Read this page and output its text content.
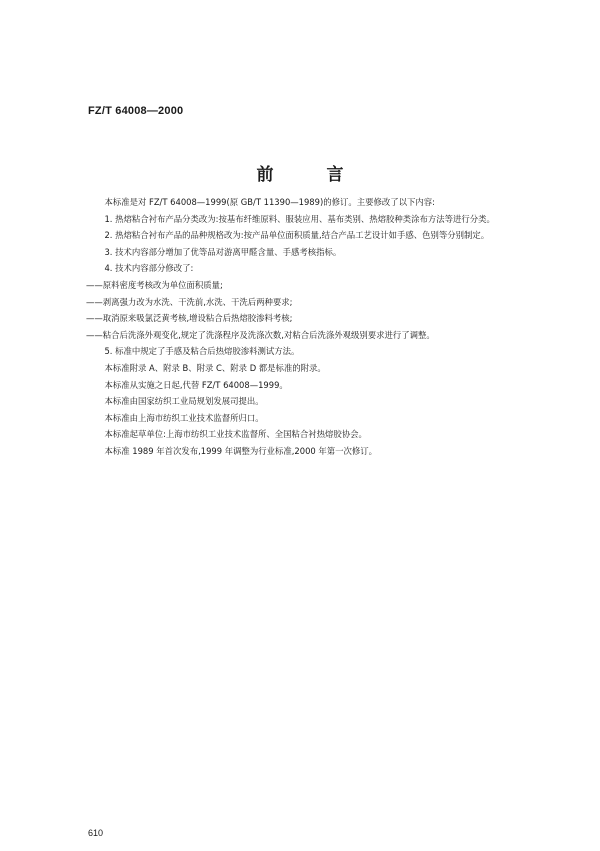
FZ/T 64008—2000
前　言

本标准是对 FZ/T 64008—1999(原 GB/T 11390—1989)的修订。主要修改了以下内容:

1. 热熔粘合衬布产品分类改为:按基布纤维原料、服装应用、基布类别、热熔胶种类涂布方法等进行分类。

2. 热熔粘合衬布产品的品种规格改为:按产品单位面积质量,结合产品工艺设计如手感、色别等分别制定。

3. 技术内容部分增加了优等品对游离甲醛含量、手感考核指标。

4. 技术内容部分修改了:

——原料密度考核改为单位面积质量;

——剥离强力改为水洗、干洗前,水洗、干洗后两种要求;

——取消原来吸氯泛黄考核,增设粘合后热熔胶渗料考核;

——粘合后洗涤外观变化,规定了洗涤程序及洗涤次数,对粘合后洗涤外观级别要求进行了调整。

5. 标准中规定了手感及粘合后热熔胶渗料测试方法。

本标准附录 A、附录 B、附录 C、附录 D 都是标准的附录。

本标准从实施之日起,代替 FZ/T 64008—1999。

本标准由国家纺织工业局规划发展司提出。

本标准由上海市纺织工业技术监督所归口。

本标准起草单位:上海市纺织工业技术监督所、全国粘合衬热熔胶协会。

本标准 1989 年首次发布,1999 年调整为行业标准,2000 年第一次修订。

610
